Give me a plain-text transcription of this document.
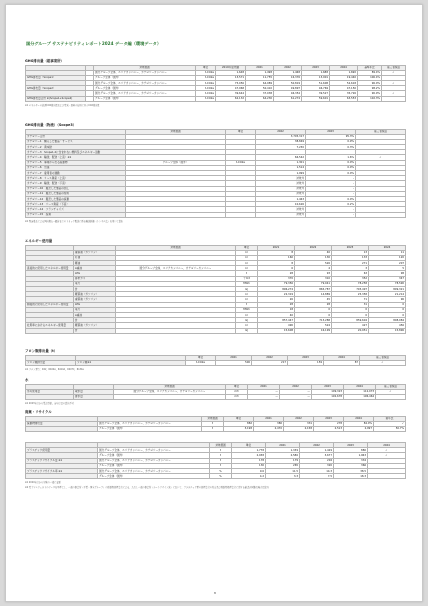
国分グループ サステナビリティレポート2024 データ編（環境データ）
GHG排出量（総事業所）
		対象範囲	単位	2019年度実績	2021	2022	2023	2024	基準年比	第三者保証
		国分グループ全体、エリアカンパニー、カテゴリーカンパニー	t-CO2e	1,648	1,498	1,468	1,688	1,690	89.4%	✓
GHG排出量（Scope1）		グループ全体（国外）	t-CO2e	13,571	11,755	16,376	13,901	19,440	106.4%	
		国分グループ全体、エリアカンパニー、カテゴリーカンパニー	t-CO2e	75,056	64,989	50,819	51,608	52,618	96.0%	✓
GHG排出量（Scope2）		グループ全体（国外）	t-CO2e	47,968	50,410	49,897	46,769	47,150	98.2%	
		国分グループ全体、エリアカンパニー、カテゴリーカンパニー	t-CO2e	39,644	37,038	46,354	39,527	35,726	90.9%	✓
GHG排出量合計 ※(Scope1+Scope2)		グループ全体（国外）	t-CO2e	62,132	64,230	61,274	59,601	63,553	102.3%	
※1 エネルギーの起源CO2排出量および電気・燃料の使用に伴うCO2排出量
GHG排出量（物流）（Scope3）
	対象範囲	単位	2022	2023	第三者保証
カテゴリー合計			3,705,317	95.3%	
カテゴリー1　購入した製品・サービス			38,849	0.9%	
カテゴリー2　資本財			7,230	0.3%	
カテゴリー3　Scope1,2に含まれない燃料及びエネルギー活動					
カテゴリー4　輸送、配送（上流）※1			66,542	1.6%	✓
カテゴリー5　事業から出る廃棄物	グループ全体（国外）	t-CO2e	1,301	0.0%	
カテゴリー6　出張			1,514	0.0%	
カテゴリー7　雇用者の通勤			1,999	0.0%	
カテゴリー8　リース資産（上流）			対象外	-	
カテゴリー9　輸送、配送（下流）			対象外	-	
カテゴリー10　販売した製品の加工			対象外	-	
カテゴリー11　販売した製品の使用			対象外	-	
カテゴリー12　販売した製品の廃棄			1,463	0.0%	
カテゴリー13　リース資産（下流）			10,626	0.2%	
カテゴリー14　フランチャイズ			対象外	-	
カテゴリー15　投資			対象外	-	
※1 物流委託による国内拠点～顧客までのトラック配送に係る輸送距離（トンキロ法）を用いて算出
エネルギー使用量
		対象範囲	単位	2021	2022	2023	2024
	重質油（ガソリン）		kl	8	40	13	11
	灯油		kl	160	130	133	120
	軽油		kl	8	526	271	207
直接的に使用したエネルギー使用量	A重油	国分グループ全体、エリアカンパニー、カテゴリーカンパニー	kl	6	4	3	5
	LPG		t	28	93	63	98
	都市ガス		千m3	370	310	352	347
	電力		MWh	79,356	79,041	78,258	78,590
	計		GJ	896,274	865,787	793,497	809,321
	軽質油（ガソリン）		kl	22,319	14,889	25,358	21,214
	重質油（ガソリン）		kl	26	45	71	96
間接的に使用したエネルギー使用量	LPG		t	28	28	31	0
	電力		MWh	18	0	0	0
	A重油		kl	40	0	0	0
	計		GJ	857,447	713,288	859,604	808,084
社用車におけるエネルギー使用量	軽質油（ガソリン）		kl	490	524	427	456
	計		GJ	15,608	16,199	20,951	15,896
フロン類排出量（t）
		単位	2021	2022	2023	2024	第三者保証
フロン類排出量	フロン類※1	t-CO2e	500	217	159	87	✓
※1 フロン類等：R22，R404A，R410A，R407C，R134a
水
		対象範囲	単位	2021	2022	2023	2024	第三者保証
水の使用量	取水量	国分グループ全体、エリアカンパニー、カテゴリーカンパニー	m3	—	—	109,323	112,073	✓
	排水量		m3	—	—	192,678	196,464	
※1 2023年度から集計開始。前年度比の算出不可
廃棄・リサイクル
		対象範囲	単位	2021	2022	2023	2024	前年比	
廃棄物排出量	国分グループ全体、エリアカンパニー、カテゴリーカンパニー	t	882	380	331	278	84.0%	✓	
	グループ全体（国外）	t	3,198	2,470	2,158	2,513	2,997	50.7%	
		対象範囲	単位	2021	2022	2023	2024	
プラスチック使用量	国分グループ全体、エリアカンパニー、カテゴリーカンパニー	t	1,778	1,339	1,429	880	✓	
	グループ全体（国外）	t	2,938	2,586	3,677	1,963	✓	
プラスチックリサイクル量 ※1	国分グループ全体、エリアカンパニー、カテゴリーカンパニー	t	178	179	204	334		
	グループ全体（国外）	t	130	265	320	366		
プラスチックリサイクル率 ※1	国分グループ全体、エリアカンパニー、カテゴリーカンパニー	%	9.6	11.5	14.3	38.5		
	グループ全体（国外）	%	4.2	3.3	7.5	18.3		
※1 2024年度から対象の一部に変更
※2 電子マニフェストのデータを基準とし、一部の事業所（千葉・国分グループ）の廃棄物処理業者による、ただし一部の事業所（ルートアサイン先）において、プラスチック類の処理業者の特定及び廃棄物処理業者に関する確認が困難な場合は除外
8
